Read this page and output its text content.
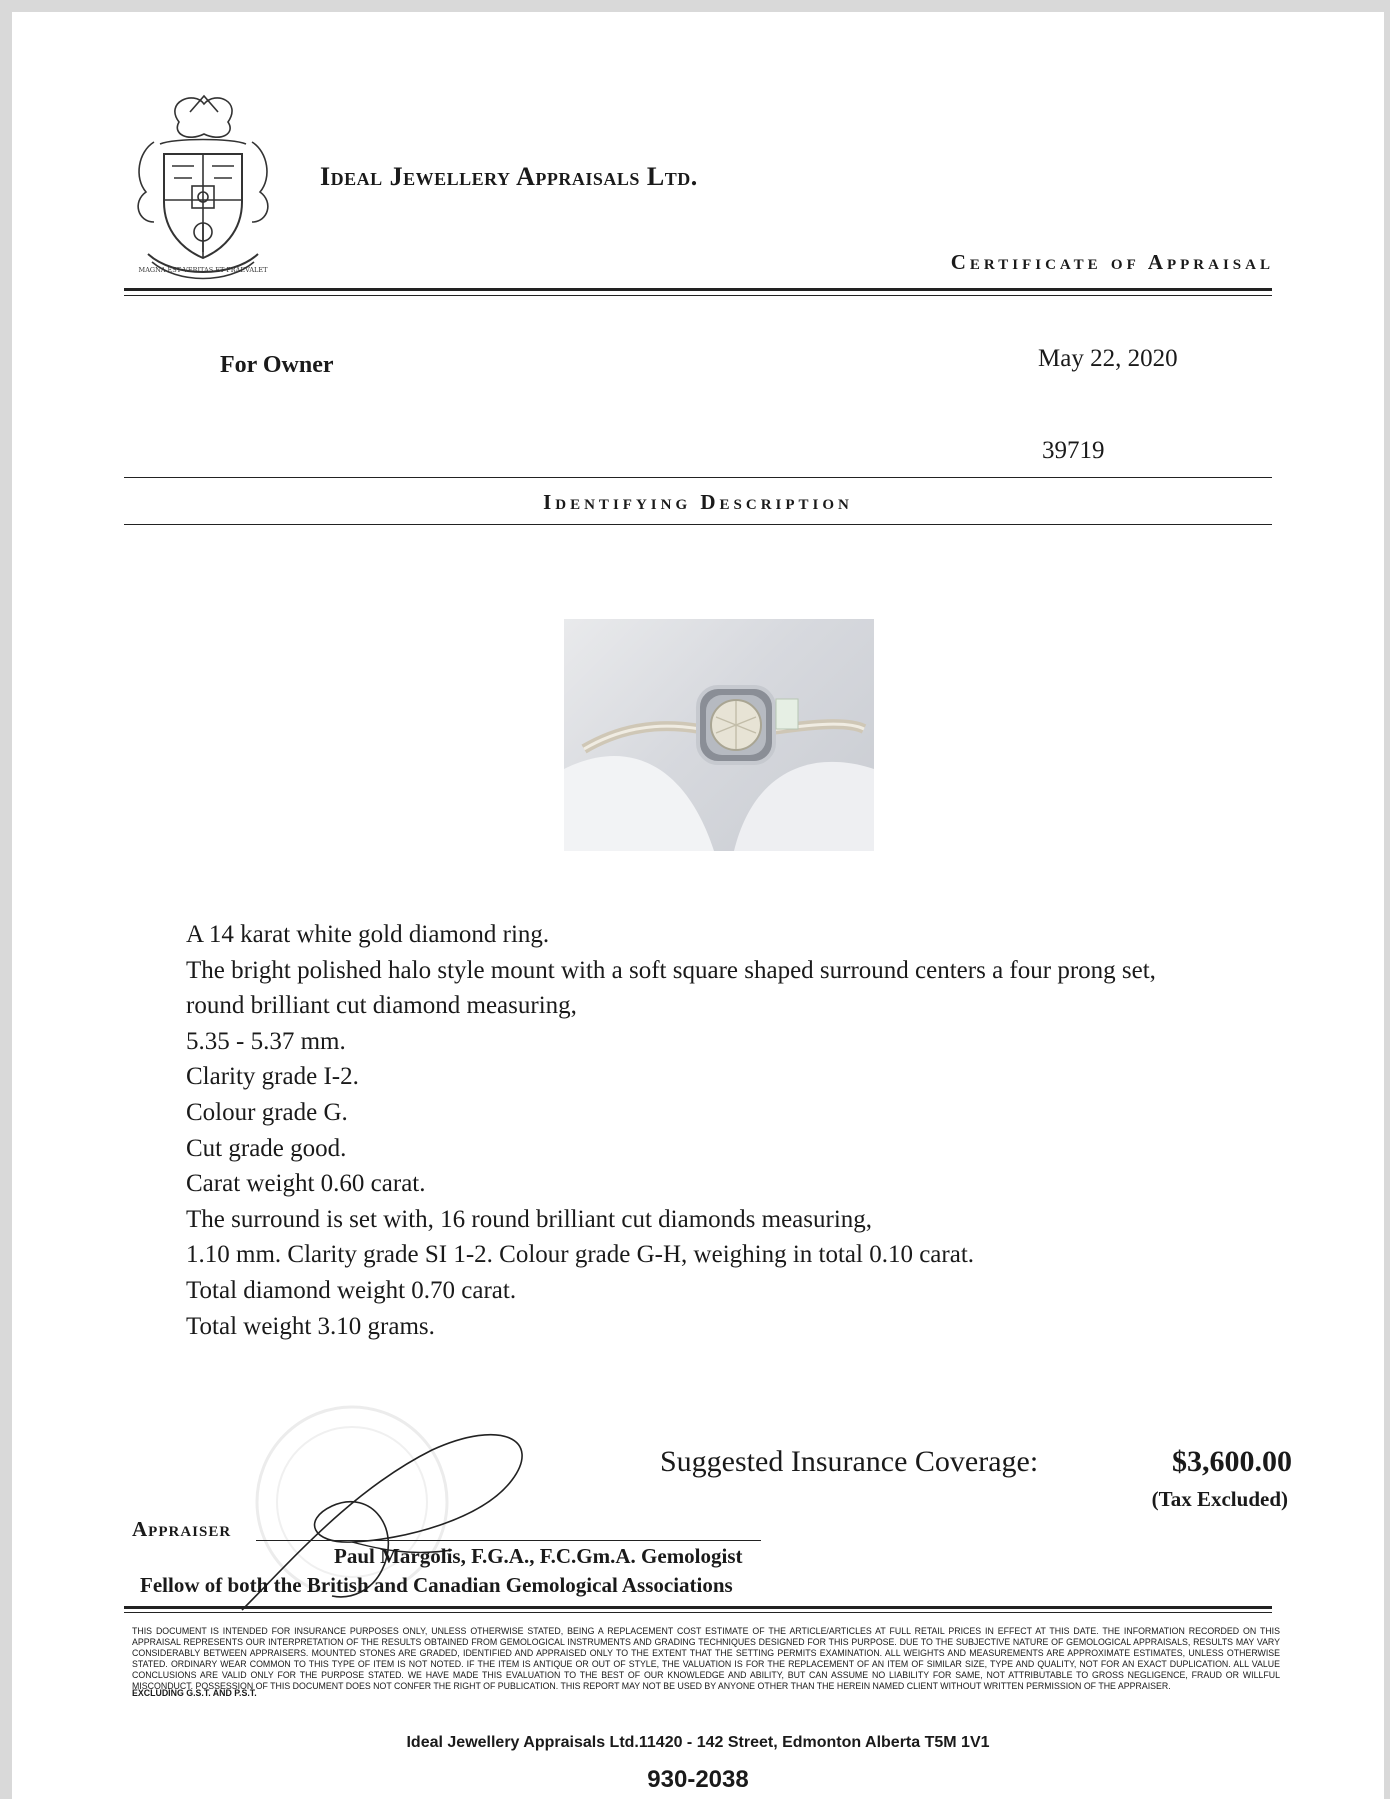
MAGNA EST VERITAS ET PRAEVALET
Ideal Jewellery Appraisals Ltd.
Certificate of Appraisal
For Owner	May 22, 2020
39719
Identifying Description
A 14 karat white gold diamond ring.
The bright polished halo style mount with a soft square shaped surround centers a four prong set,
round brilliant cut diamond measuring,
5.35 - 5.37 mm.
Clarity grade I-2.
Colour grade G.
Cut grade good.
Carat weight 0.60 carat.
The surround is set with, 16 round brilliant cut diamonds measuring,
1.10 mm. Clarity grade SI 1-2. Colour grade G-H, weighing in total 0.10 carat.
Total diamond weight 0.70 carat.
Total weight 3.10 grams.
Suggested Insurance Coverage:	$3,600.00
(Tax Excluded)
Appraiser
Paul Margolis, F.G.A., F.C.Gm.A. Gemologist
Fellow of both the British and Canadian Gemological Associations
THIS DOCUMENT IS INTENDED FOR INSURANCE PURPOSES ONLY, UNLESS OTHERWISE STATED, BEING A REPLACEMENT COST ESTIMATE OF THE ARTICLE/ARTICLES AT FULL RETAIL PRICES IN EFFECT AT THIS DATE. THE INFORMATION RECORDED ON THIS APPRAISAL REPRESENTS OUR INTERPRETATION OF THE RESULTS OBTAINED FROM GEMOLOGICAL INSTRUMENTS AND GRADING TECHNIQUES DESIGNED FOR THIS PURPOSE. DUE TO THE SUBJECTIVE NATURE OF GEMOLOGICAL APPRAISALS, RESULTS MAY VARY CONSIDERABLY BETWEEN APPRAISERS. MOUNTED STONES ARE GRADED, IDENTIFIED AND APPRAISED ONLY TO THE EXTENT THAT THE SETTING PERMITS EXAMINATION. ALL WEIGHTS AND MEASUREMENTS ARE APPROXIMATE ESTIMATES, UNLESS OTHERWISE STATED. ORDINARY WEAR COMMON TO THIS TYPE OF ITEM IS NOT NOTED. IF THE ITEM IS ANTIQUE OR OUT OF STYLE, THE VALUATION IS FOR THE REPLACEMENT OF AN ITEM OF SIMILAR SIZE, TYPE AND QUALITY, NOT FOR AN EXACT DUPLICATION. ALL VALUE CONCLUSIONS ARE VALID ONLY FOR THE PURPOSE STATED. WE HAVE MADE THIS EVALUATION TO THE BEST OF OUR KNOWLEDGE AND ABILITY, BUT CAN ASSUME NO LIABILITY FOR SAME, NOT ATTRIBUTABLE TO GROSS NEGLIGENCE, FRAUD OR WILLFUL MISCONDUCT. POSSESSION OF THIS DOCUMENT DOES NOT CONFER THE RIGHT OF PUBLICATION. THIS REPORT MAY NOT BE USED BY ANYONE OTHER THAN THE HEREIN NAMED CLIENT WITHOUT WRITTEN PERMISSION OF THE APPRAISER.
EXCLUDING G.S.T. AND P.S.T.
Ideal Jewellery Appraisals Ltd.11420 - 142 Street, Edmonton Alberta T5M 1V1
930-2038
